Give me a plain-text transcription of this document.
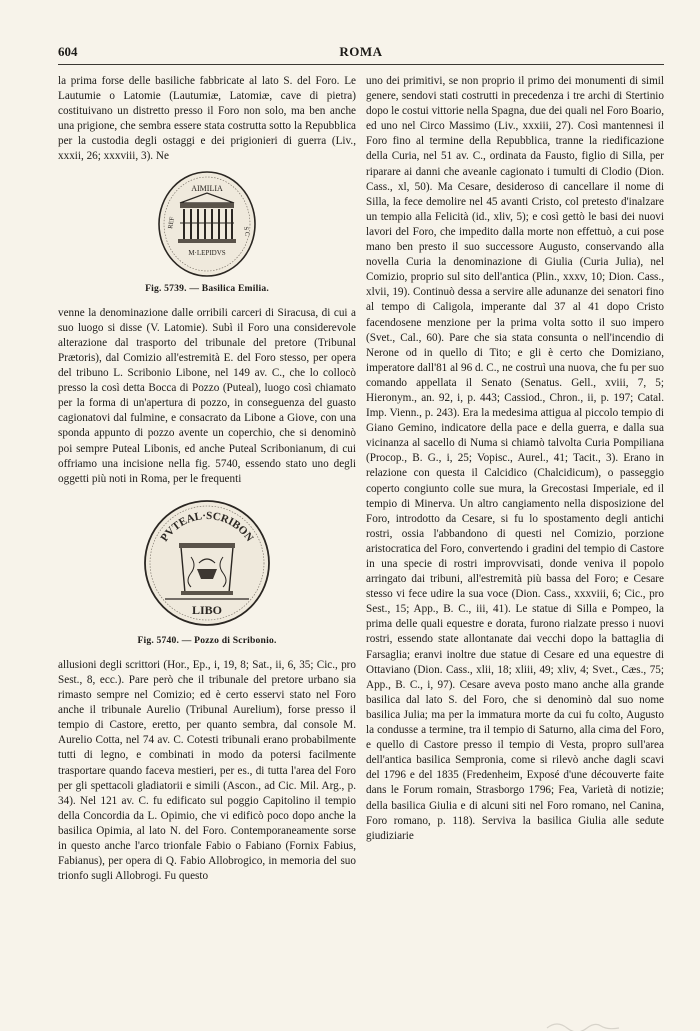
604	ROMA

la prima forse delle basiliche fabbricate al lato S. del Foro. Le Lautumie o Latomie (Lautumiæ, Latomiæ, cave di pietra) costituivano un distretto presso il Foro non solo, ma ben anche una prigione, che sembra essere stata costrutta sotto la Repubblica per la custodia degli ostaggi e dei prigionieri di guerra (Liv., xxxii, 26; xxxviii, 3). Ne

AIMILIA
REF
S C
M·LEPIDVS
Fig. 5739. — Basilica Emilia.

venne la denominazione dalle orribili carceri di Siracusa, di cui a suo luogo si disse (V. Latomie). Subì il Foro una considerevole alterazione dal trasporto del tribunale del pretore (Tribunal Prætoris), dal Comizio all'estremità E. del Foro stesso, per opera del tribuno L. Scribonio Libone, nel 149 av. C., che lo collocò presso la così detta Bocca di Pozzo (Puteal), luogo così chiamato per la forma di un'apertura di pozzo, in conseguenza del guasto cagionatovi dal fulmine, e consacrato da Libone a Giove, con una sponda appunto di pozzo avente un coperchio, che si denominò poi sempre Puteal Libonis, ed anche Puteal Scribonianum, di cui offriamo una incisione nella fig. 5740, essendo stato uno degli oggetti più noti in Roma, per le frequenti

PVTEAL·SCRIBON
LIBO
Fig. 5740. — Pozzo di Scribonio.

allusioni degli scrittori (Hor., Ep., i, 19, 8; Sat., ii, 6, 35; Cic., pro Sest., 8, ecc.). Pare però che il tribunale del pretore urbano sia rimasto sempre nel Comizio; ed è certo esservi stato nel Foro anche il tribunale Aurelio (Tribunal Aurelium), forse presso il tempio di Castore, eretto, per quanto sembra, dal console M. Aurelio Cotta, nel 74 av. C. Cotesti tribunali erano probabilmente tutti di legno, e combinati in modo da potersi facilmente trasportare quando faceva mestieri, per es., di tutta l'area del Foro per gli spettacoli gladiatorii e simili (Ascon., ad Cic. Mil. Arg., p. 34). Nel 121 av. C. fu edificato sul poggio Capitolino il tempio della Concordia da L. Opimio, che vi edificò poco dopo anche la basilica Opimia, al lato N. del Foro. Contemporaneamente sorse in questo anche l'arco trionfale Fabio o Fabiano (Fornix Fabius, Fabianus), per opera di Q. Fabio Allobrogico, in memoria del suo trionfo sugli Allobrogi. Fu questo

uno dei primitivi, se non proprio il primo dei monumenti di simil genere, sendovi stati costrutti in precedenza i tre archi di Stertinio dopo le costui vittorie nella Spagna, due dei quali nel Foro Boario, ed uno nel Circo Massimo (Liv., xxxiii, 27). Così mantennesi il Foro fino al termine della Repubblica, tranne la riedificazione della Curia, nel 51 av. C., ordinata da Fausto, figlio di Silla, per riparare ai danni che aveanle cagionato i tumulti di Clodio (Dion. Cass., xl, 50). Ma Cesare, desideroso di cancellare il nome di Silla, la fece demolire nel 45 avanti Cristo, col pretesto d'inalzare un tempio alla Felicità (id., xliv, 5); e così gettò le basi dei nuovi lavori del Foro, che impedito dalla morte non effettuò, a cui pose mano ben presto il suo successore Augusto, conservando alla novella Curia la denominazione di Giulia (Curia Julia), nel Comizio, proprio sul sito dell'antica (Plin., xxxv, 10; Dion. Cass., xlvii, 19). Continuò dessa a servire alle adunanze dei senatori fino al tempo di Caligola, imperante dal 37 al 41 dopo Cristo facendosene menzione per la prima volta sotto il suo impero (Svet., Cal., 60). Pare che sia stata consunta o nell'incendio di Nerone od in quello di Tito; e gli è certo che Domiziano, imperatore dall'81 al 96 d. C., ne costruì una nuova, che fu per suo comando appellata il Senato (Senatus. Gell., xviii, 7, 5; Hieronym., an. 92, i, p. 443; Cassiod., Chron., ii, p. 197; Catal. Imp. Vienn., p. 243). Era la medesima attigua al piccolo tempio di Giano Gemino, indicatore della pace e della guerra, e dalla sua vicinanza al sacello di Numa si chiamò talvolta Curia Pompiliana (Procop., B. G., i, 25; Vopisc., Aurel., 41; Tacit., 3). Erano in relazione con questa il Calcidico (Chalcidicum), o passeggio coperto congiunto colle sue mura, la Grecostasi Imperiale, ed il tempio di Minerva. Un altro cangiamento nella disposizione del Foro, introdotto da Cesare, si fu lo spostamento degli antichi rostri, ossia l'abbandono di questi nel Comizio, porzione aristocratica del Foro, convertendo i gradini del tempio di Castore in una specie di rostri improvvisati, donde veniva il popolo arringato dai tribuni, all'estremità più bassa del Foro; e Cesare stesso vi fece udire la sua voce (Dion. Cass., xxxviii, 6; Cic., pro Sest., 15; App., B. C., iii, 41). Le statue di Silla e Pompeo, la prima delle quali equestre e dorata, furono rialzate presso i nuovi rostri, essendo state allontanate dai vecchi dopo la battaglia di Farsaglia; eranvi inoltre due statue di Cesare ed una equestre di Ottaviano (Dion. Cass., xlii, 18; xliii, 49; xliv, 4; Svet., Cæs., 75; App., B. C., i, 97). Cesare aveva posto mano anche alla grande basilica dal lato S. del Foro, che si denominò dal suo nome basilica Julia; ma per la immatura morte da cui fu colto, Augusto la condusse a termine, tra il tempio di Saturno, alla cima del Foro, e quello di Castore presso il tempio di Vesta, propro sull'area dell'antica basilica Sempronia, come si rilevò anche dagli scavi del 1796 e del 1835 (Fredenheim, Exposé d'une découverte faite dans le Forum romain, Strasborgo 1796; Fea, Varietà di notizie; della basilica Giulia e di alcuni siti nel Foro romano, nel Canina, Foro romano, p. 118). Serviva la basilica Giulia alle sedute giudiziarie
